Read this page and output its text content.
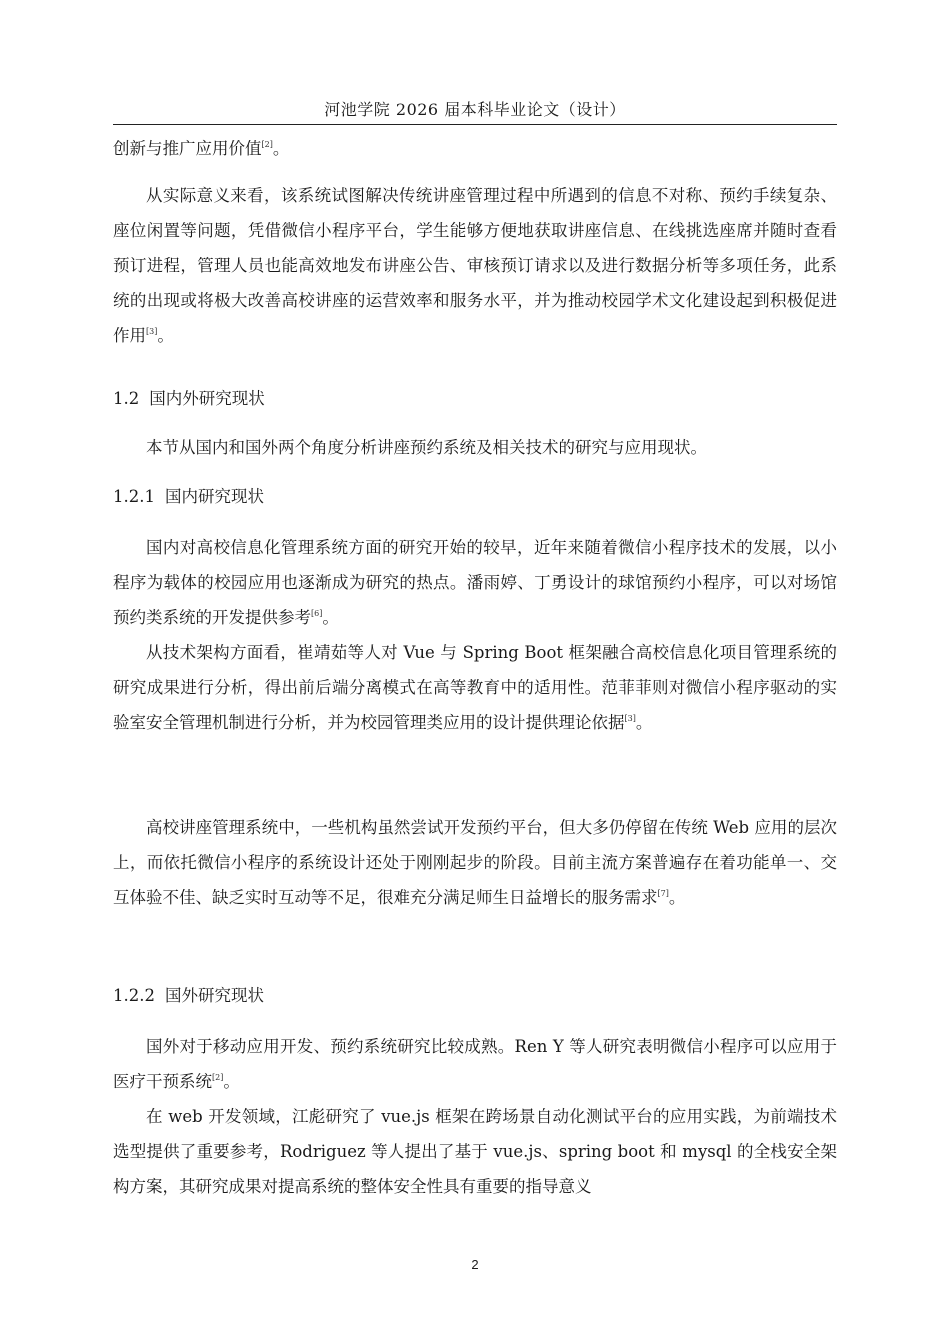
河池学院 2026 届本科毕业论文（设计）

创新与推广应用价值[2]。

从实际意义来看，该系统试图解决传统讲座管理过程中所遇到的信息不对称、预约手续复杂、座位闲置等问题，凭借微信小程序平台，学生能够方便地获取讲座信息、在线挑选座席并随时查看预订进程，管理人员也能高效地发布讲座公告、审核预订请求以及进行数据分析等多项任务，此系统的出现或将极大改善高校讲座的运营效率和服务水平，并为推动校园学术文化建设起到积极促进作用[3]。

1.2 国内外研究现状

本节从国内和国外两个角度分析讲座预约系统及相关技术的研究与应用现状。

1.2.1 国内研究现状

国内对高校信息化管理系统方面的研究开始的较早，近年来随着微信小程序技术的发展，以小程序为载体的校园应用也逐渐成为研究的热点。潘雨婷、丁勇设计的球馆预约小程序，可以对场馆预约类系统的开发提供参考[6]。

从技术架构方面看，崔靖茹等人对 Vue 与 Spring Boot 框架融合高校信息化项目管理系统的研究成果进行分析，得出前后端分离模式在高等教育中的适用性。范菲菲则对微信小程序驱动的实验室安全管理机制进行分析，并为校园管理类应用的设计提供理论依据[3]。

高校讲座管理系统中，一些机构虽然尝试开发预约平台，但大多仍停留在传统 Web 应用的层次上，而依托微信小程序的系统设计还处于刚刚起步的阶段。目前主流方案普遍存在着功能单一、交互体验不佳、缺乏实时互动等不足，很难充分满足师生日益增长的服务需求[7]。

1.2.2 国外研究现状

国外对于移动应用开发、预约系统研究比较成熟。Ren Y 等人研究表明微信小程序可以应用于医疗干预系统[2]。

在 web 开发领域，江彪研究了 vue.js 框架在跨场景自动化测试平台的应用实践，为前端技术选型提供了重要参考，Rodriguez 等人提出了基于 vue.js、spring boot 和 mysql 的全栈安全架构方案，其研究成果对提高系统的整体安全性具有重要的指导意义

2
